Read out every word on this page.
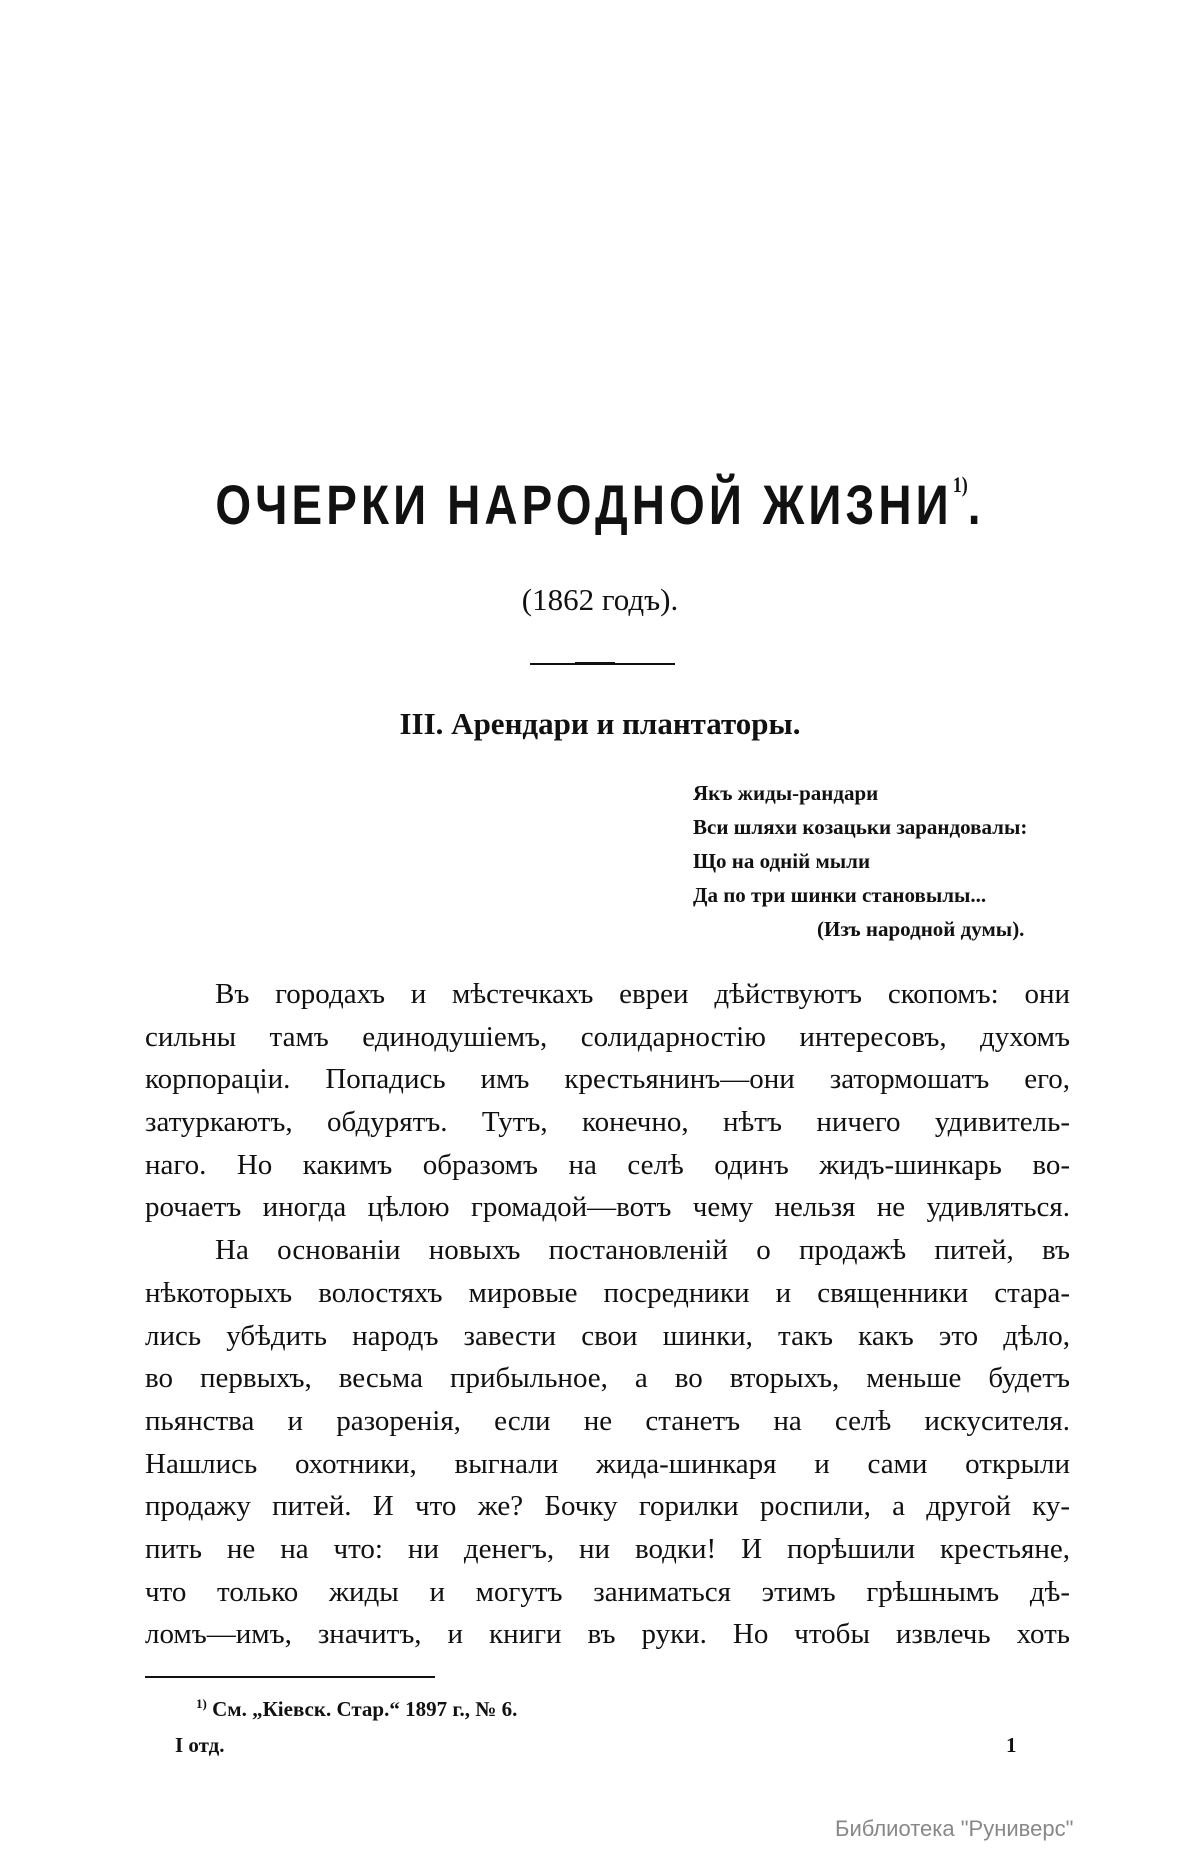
ОЧЕРКИ НАРОДНОЙ ЖИЗНИ$^{1)}$.
(1862 годъ).
III. Арендари и плантаторы.
Якъ жиды-рандари
Вси шляхи козацьки зарандовалы:
Що на одній мыли
Да по три шинки становылы...
(Изъ народной думы).
Въ городахъ и мѣстечкахъ евреи дѣйствуютъ скопомъ: они
сильны тамъ единодушіемъ, солидарностію интересовъ, духомъ
корпораціи. Попадись имъ крестьянинъ—они затормошатъ его,
затуркаютъ, обдурятъ. Тутъ, конечно, нѣтъ ничего удивитель-
наго. Но какимъ образомъ на селѣ одинъ жидъ-шинкарь во-
рочаетъ иногда цѣлою громадой—вотъ чему нельзя не удивляться.
На основаніи новыхъ постановленій о продажѣ питей, въ
нѣкоторыхъ волостяхъ мировые посредники и священники стара-
лись убѣдить народъ завести свои шинки, такъ какъ это дѣло,
во первыхъ, весьма прибыльное, а во вторыхъ, меньше будетъ
пьянства и разоренія, если не станетъ на селѣ искусителя.
Нашлись охотники, выгнали жида-шинкаря и сами открыли
продажу питей. И что же? Бочку горилки роспили, а другой ку-
пить не на что: ни денегъ, ни водки! И порѣшили крестьяне,
что только жиды и могутъ заниматься этимъ грѣшнымъ дѣ-
ломъ—имъ, значитъ, и книги въ руки. Но чтобы извлечь хоть
$^{1)}$ См. „Кіевск. Стар.“ 1897 г., № 6.
I отд.	1
Библиотека "Руниверс"
